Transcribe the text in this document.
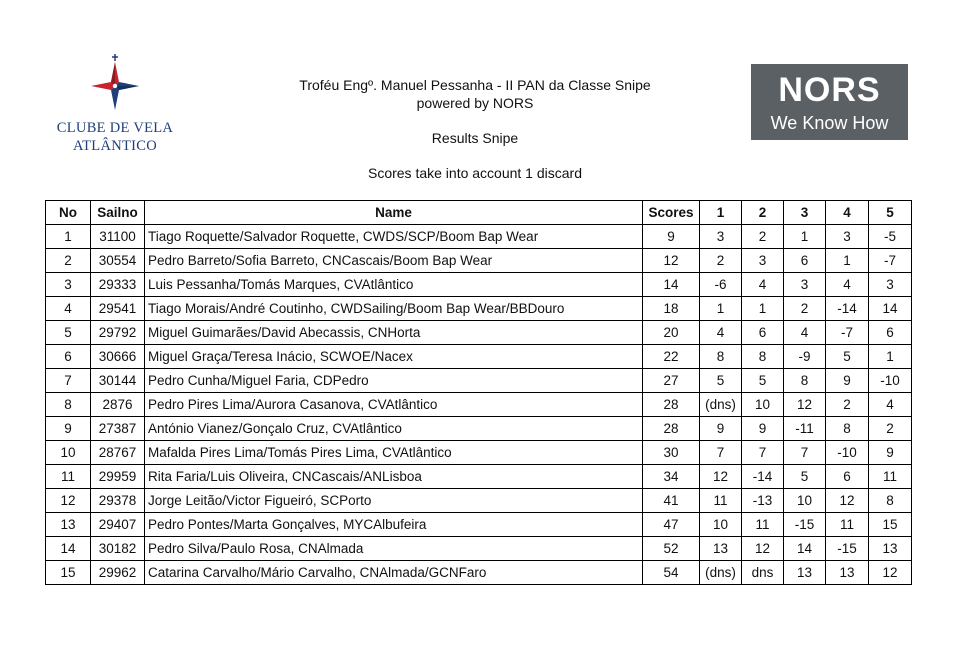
CLUBE DE VELA
ATLÂNTICO
Troféu Engº. Manuel Pessanha - II PAN da Classe Snipe
powered by NORS
Results Snipe
Scores take into account 1 discard
NORS
We Know How
No	Sailno	Name	Scores	1	2	3	4	5
1	31100	Tiago Roquette/Salvador Roquette, CWDS/SCP/Boom Bap Wear	9	3	2	1	3	-5
2	30554	Pedro Barreto/Sofia Barreto, CNCascais/Boom Bap Wear	12	2	3	6	1	-7
3	29333	Luis Pessanha/Tomás Marques, CVAtlântico	14	-6	4	3	4	3
4	29541	Tiago Morais/André Coutinho, CWDSailing/Boom Bap Wear/BBDouro	18	1	1	2	-14	14
5	29792	Miguel Guimarães/David Abecassis, CNHorta	20	4	6	4	-7	6
6	30666	Miguel Graça/Teresa Inácio, SCWOE/Nacex	22	8	8	-9	5	1
7	30144	Pedro Cunha/Miguel Faria, CDPedro	27	5	5	8	9	-10
8	2876	Pedro Pires Lima/Aurora Casanova, CVAtlântico	28	(dns)	10	12	2	4
9	27387	António Vianez/Gonçalo Cruz, CVAtlântico	28	9	9	-11	8	2
10	28767	Mafalda Pires Lima/Tomás Pires Lima, CVAtlântico	30	7	7	7	-10	9
11	29959	Rita Faria/Luis Oliveira, CNCascais/ANLisboa	34	12	-14	5	6	11
12	29378	Jorge Leitão/Victor Figueiró, SCPorto	41	11	-13	10	12	8
13	29407	Pedro Pontes/Marta Gonçalves, MYCAlbufeira	47	10	11	-15	11	15
14	30182	Pedro Silva/Paulo Rosa, CNAlmada	52	13	12	14	-15	13
15	29962	Catarina Carvalho/Mário Carvalho, CNAlmada/GCNFaro	54	(dns)	dns	13	13	12
